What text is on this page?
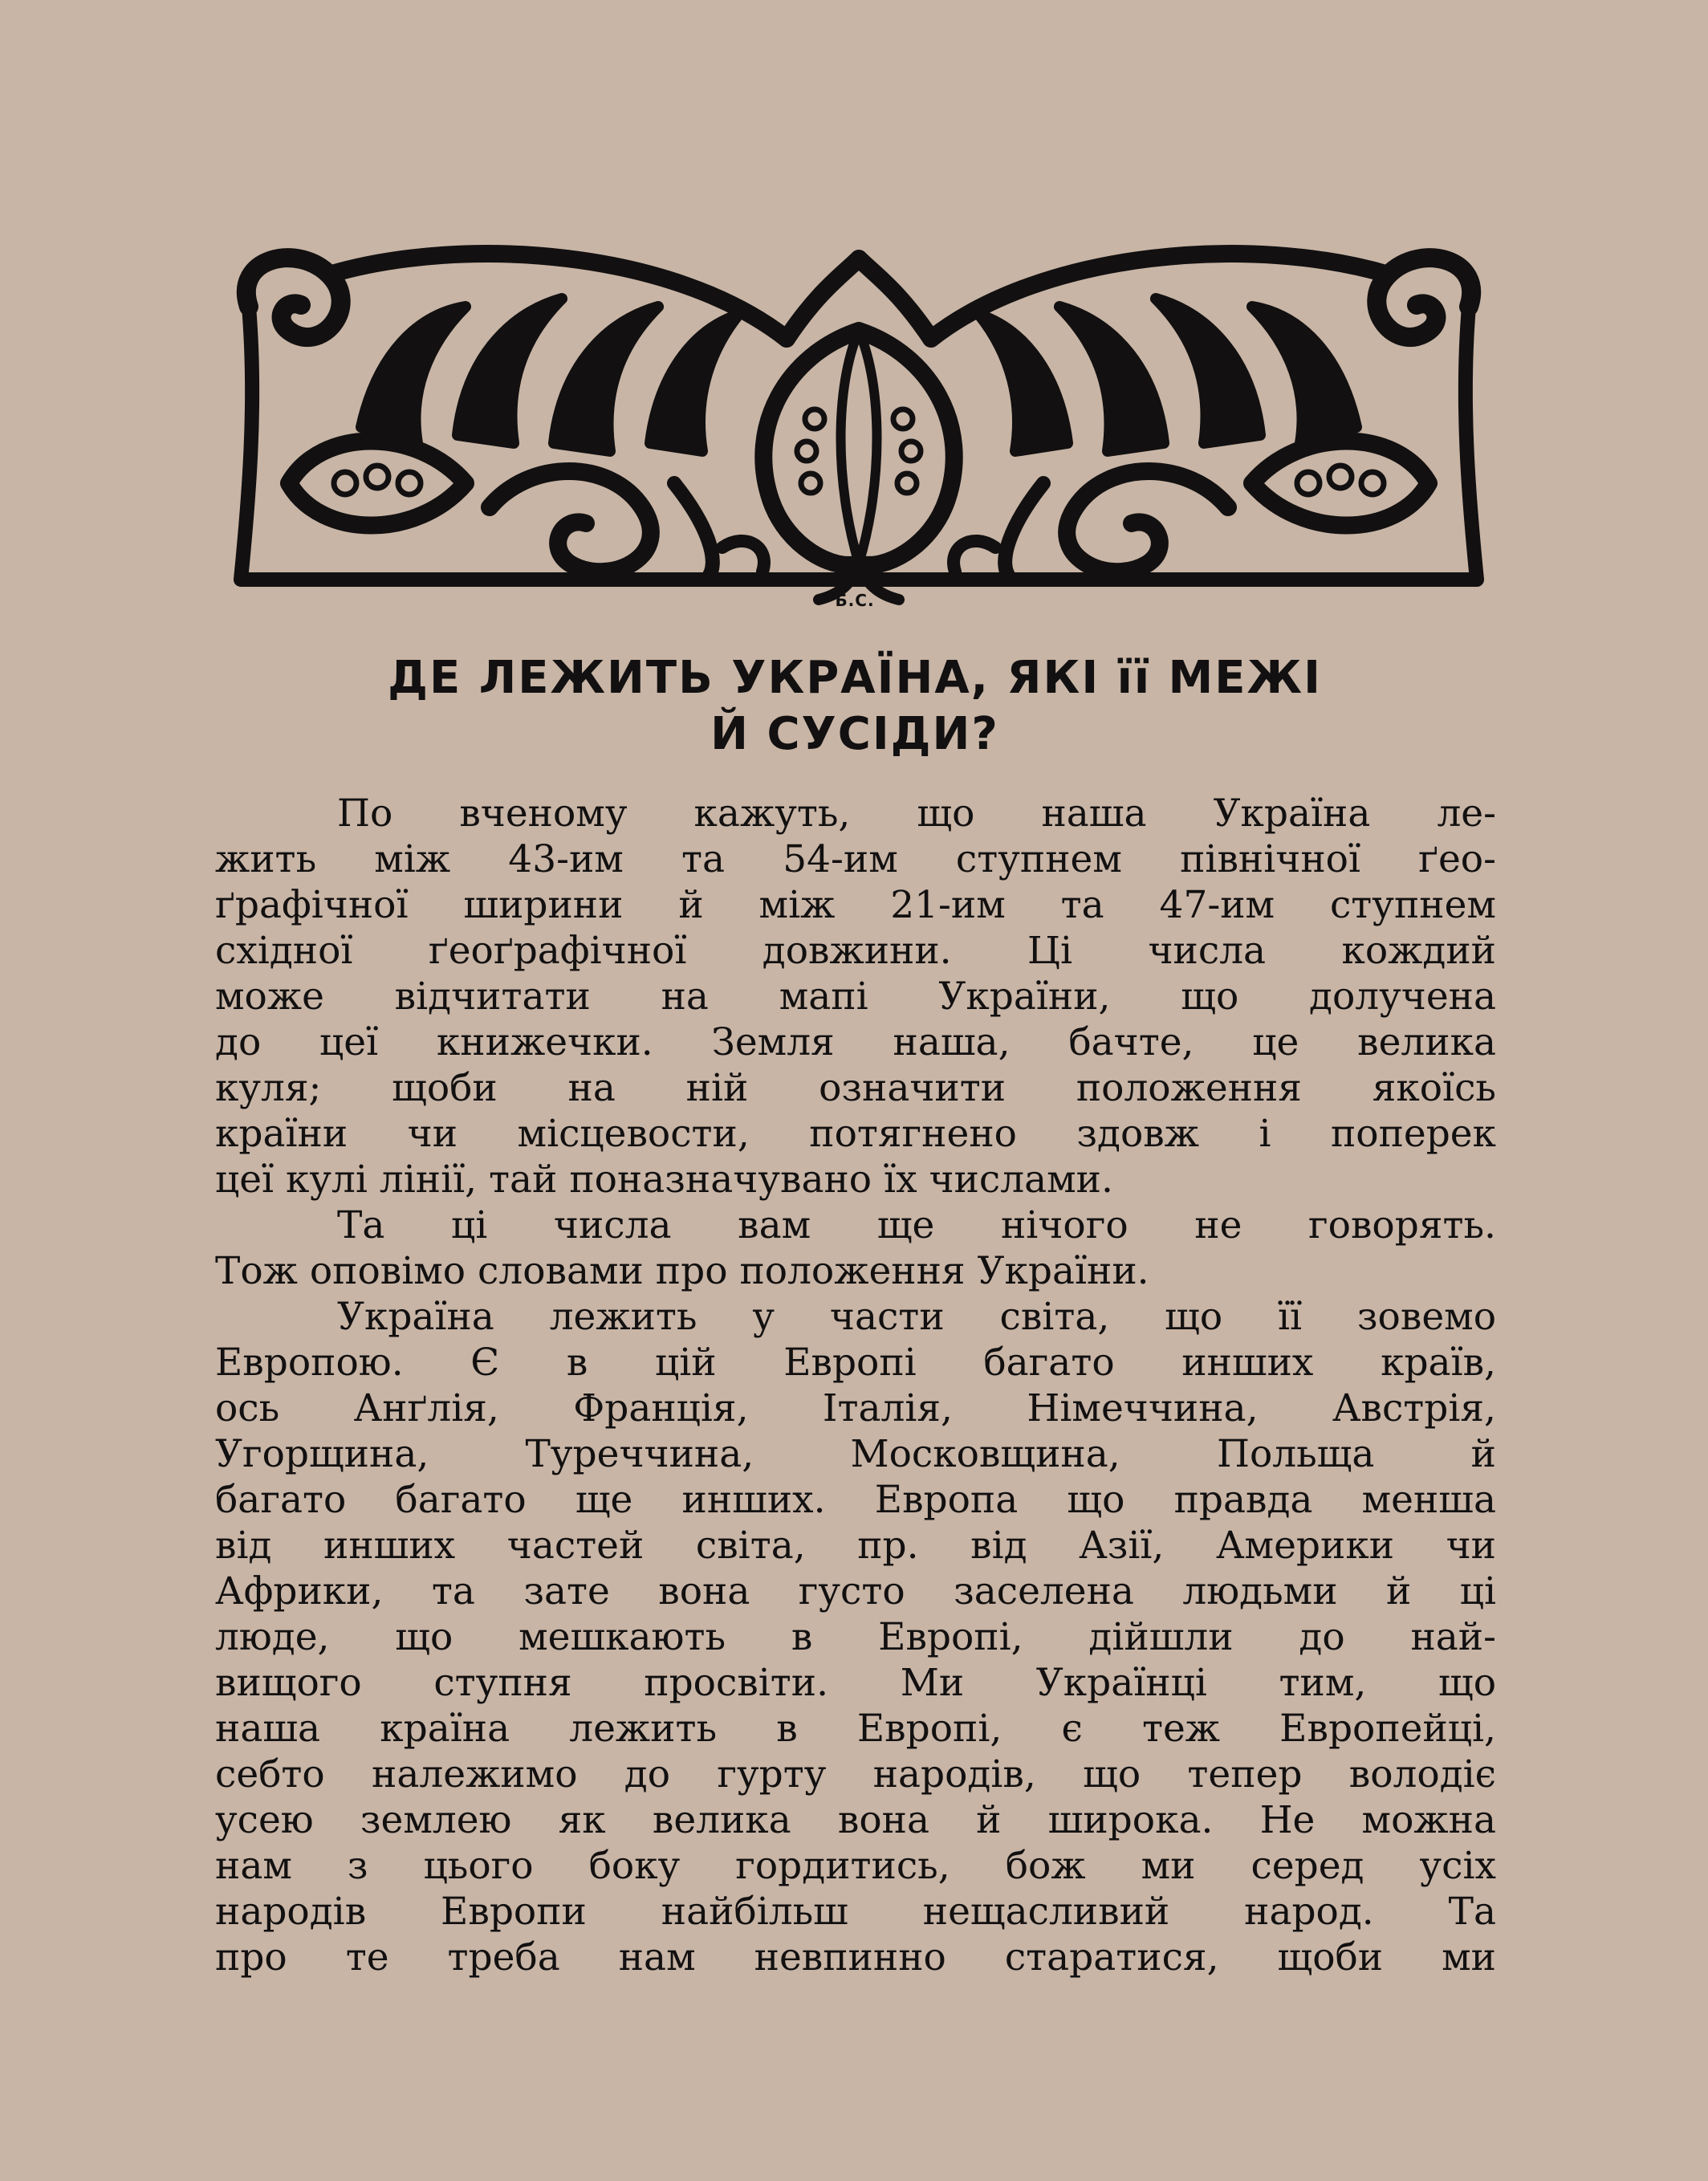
Б.С.
ДЕ ЛЕЖИТЬ УКРАЇНА, ЯКІ її МЕЖІ
Й СУСІДИ?
По вченому кажуть, що наша Україна ле-
жить між 43-им та 54-им ступнем північної ґео-
ґрафічної ширини й між 21-им та 47-им ступнем
східної ґеоґрафічної довжини. Ці числа кождий
може відчитати на мапі України, що долучена
до цеї книжечки. Земля наша, бачте, це велика
куля; щоби на ній означити положення якоїсь
країни чи місцевости, потягнено здовж і поперек
цеї кулі лінії, тай поназначувано їх числами.
Та ці числа вам ще нічого не говорять.
Тож оповімо словами про положення України.
Україна лежить у части світа, що її зовемо
Европою. Є в цій Европі багато инших країв,
ось Анґлія, Франція, Італія, Німеччина, Австрія,
Угорщина, Туреччина, Московщина, Польща й
багато багато ще инших. Европа що правда менша
від инших частей світа, пр. від Азії, Америки чи
Африки, та зате вона густо заселена людьми й ці
люде, що мешкають в Европі, дійшли до най-
вищого ступня просвіти. Ми Українці тим, що
наша країна лежить в Европі, є теж Европейці,
себто належимо до гурту народів, що тепер володіє
усею землею як велика вона й широка. Не можна
нам з цього боку гордитись, бож ми серед усіх
народів Европи найбільш нещасливий народ. Та
про те треба нам невпинно старатися, щоби ми
